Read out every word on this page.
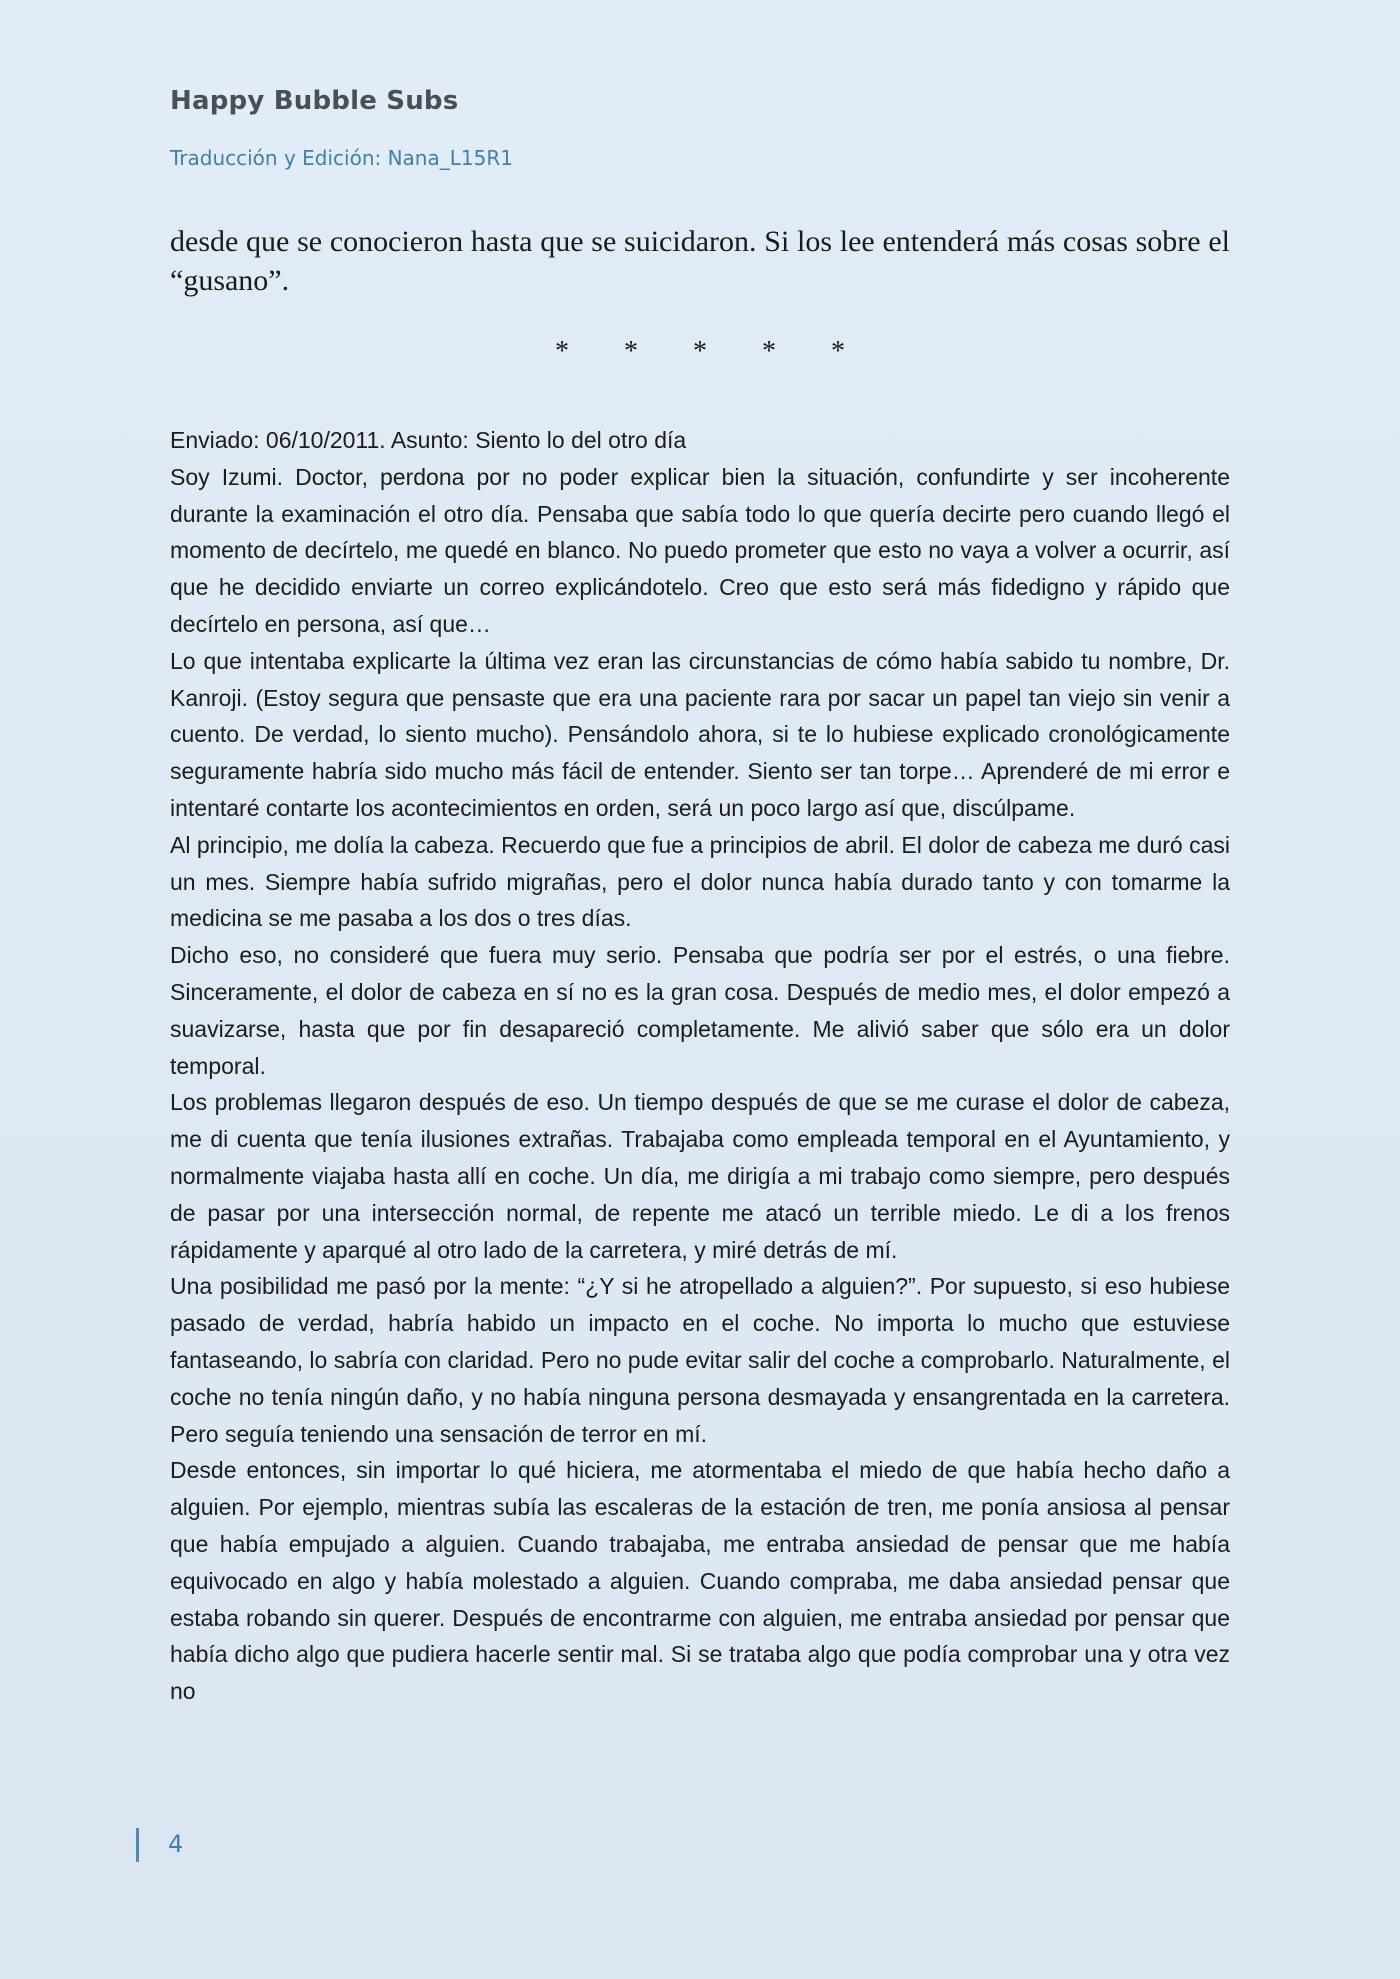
Happy Bubble Subs
Traducción y Edición: Nana_L15R1
desde que se conocieron hasta que se suicidaron. Si los lee entenderá más cosas sobre el “gusano”.
* * * * *

Enviado: 06/10/2011. Asunto: Siento lo del otro día

Soy Izumi. Doctor, perdona por no poder explicar bien la situación, confundirte y ser incoherente durante la examinación el otro día. Pensaba que sabía todo lo que quería decirte pero cuando llegó el momento de decírtelo, me quedé en blanco. No puedo prometer que esto no vaya a volver a ocurrir, así que he decidido enviarte un correo explicándotelo. Creo que esto será más fidedigno y rápido que decírtelo en persona, así que…

Lo que intentaba explicarte la última vez eran las circunstancias de cómo había sabido tu nombre, Dr. Kanroji. (Estoy segura que pensaste que era una paciente rara por sacar un papel tan viejo sin venir a cuento. De verdad, lo siento mucho). Pensándolo ahora, si te lo hubiese explicado cronológicamente seguramente habría sido mucho más fácil de entender. Siento ser tan torpe… Aprenderé de mi error e intentaré contarte los acontecimientos en orden, será un poco largo así que, discúlpame.

Al principio, me dolía la cabeza. Recuerdo que fue a principios de abril. El dolor de cabeza me duró casi un mes. Siempre había sufrido migrañas, pero el dolor nunca había durado tanto y con tomarme la medicina se me pasaba a los dos o tres días.

Dicho eso, no consideré que fuera muy serio. Pensaba que podría ser por el estrés, o una fiebre. Sinceramente, el dolor de cabeza en sí no es la gran cosa. Después de medio mes, el dolor empezó a suavizarse, hasta que por fin desapareció completamente. Me alivió saber que sólo era un dolor temporal.

Los problemas llegaron después de eso. Un tiempo después de que se me curase el dolor de cabeza, me di cuenta que tenía ilusiones extrañas. Trabajaba como empleada temporal en el Ayuntamiento, y normalmente viajaba hasta allí en coche. Un día, me dirigía a mi trabajo como siempre, pero después de pasar por una intersección normal, de repente me atacó un terrible miedo. Le di a los frenos rápidamente y aparqué al otro lado de la carretera, y miré detrás de mí.

Una posibilidad me pasó por la mente: “¿Y si he atropellado a alguien?”. Por supuesto, si eso hubiese pasado de verdad, habría habido un impacto en el coche. No importa lo mucho que estuviese fantaseando, lo sabría con claridad. Pero no pude evitar salir del coche a comprobarlo. Naturalmente, el coche no tenía ningún daño, y no había ninguna persona desmayada y ensangrentada en la carretera. Pero seguía teniendo una sensación de terror en mí.

Desde entonces, sin importar lo qué hiciera, me atormentaba el miedo de que había hecho daño a alguien. Por ejemplo, mientras subía las escaleras de la estación de tren, me ponía ansiosa al pensar que había empujado a alguien. Cuando trabajaba, me entraba ansiedad de pensar que me había equivocado en algo y había molestado a alguien. Cuando compraba, me daba ansiedad pensar que estaba robando sin querer. Después de encontrarme con alguien, me entraba ansiedad por pensar que había dicho algo que pudiera hacerle sentir mal. Si se trataba algo que podía comprobar una y otra vez no

4
